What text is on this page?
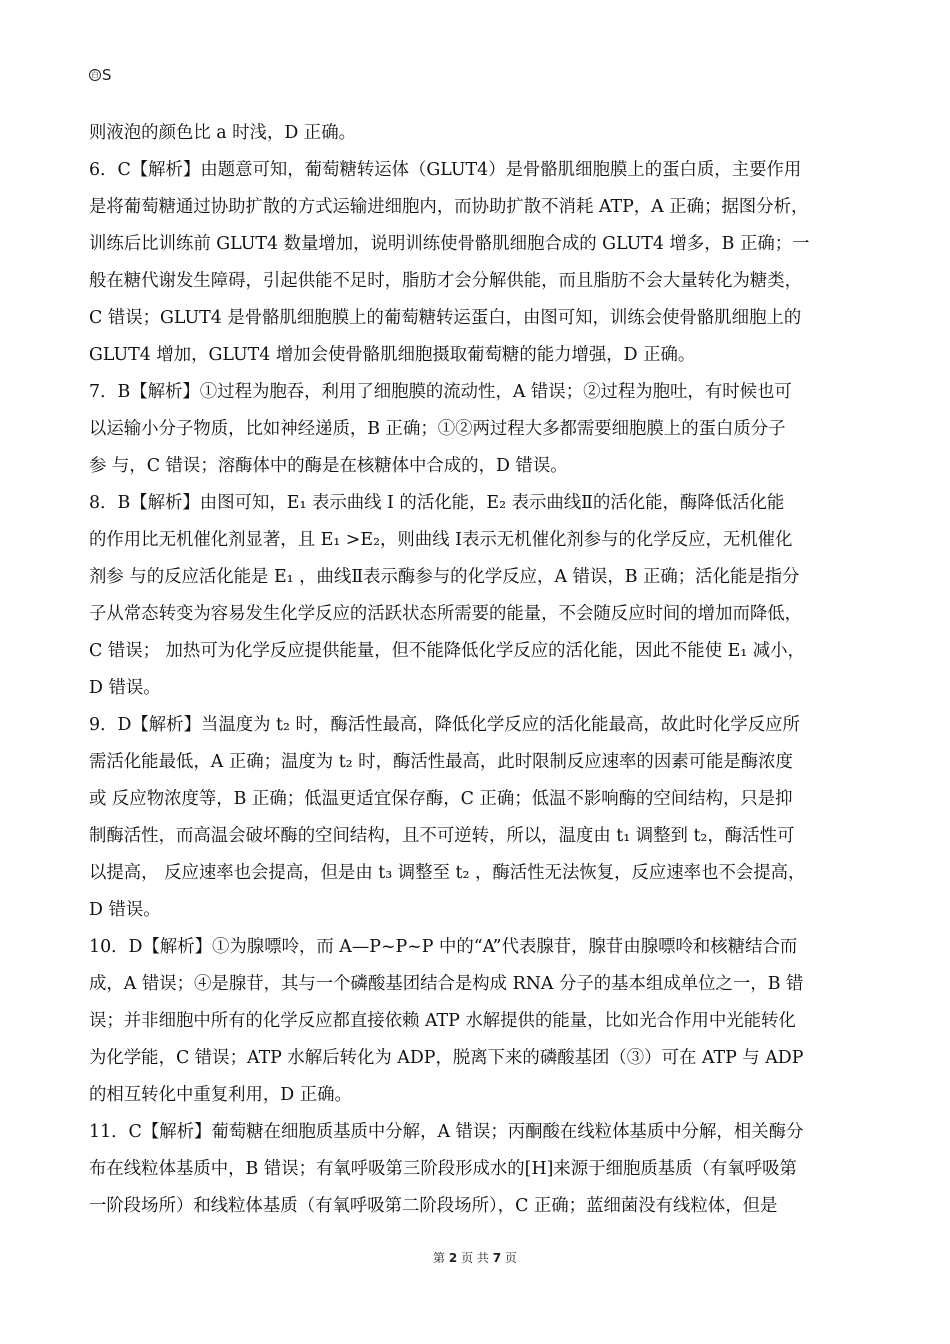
百 S
则液泡的颜色比 a 时浅，D 正确。
6．C【解析】由题意可知，葡萄糖转运体（GLUT4）是骨骼肌细胞膜上的蛋白质，主要作用
是将葡萄糖通过协助扩散的方式运输进细胞内，而协助扩散不消耗 ATP，A 正确；据图分析，
训练后比训练前 GLUT4 数量增加，说明训练使骨骼肌细胞合成的 GLUT4 增多，B 正确；一
般在糖代谢发生障碍，引起供能不足时，脂肪才会分解供能，而且脂肪不会大量转化为糖类，
C 错误；GLUT4 是骨骼肌细胞膜上的葡萄糖转运蛋白，由图可知，训练会使骨骼肌细胞上的
GLUT4 增加，GLUT4 增加会使骨骼肌细胞摄取葡萄糖的能力增强，D 正确。
7．B【解析】①过程为胞吞，利用了细胞膜的流动性，A 错误；②过程为胞吐，有时候也可
以运输小分子物质，比如神经递质，B 正确；①②两过程大多都需要细胞膜上的蛋白质分子
参 与，C 错误；溶酶体中的酶是在核糖体中合成的，D 错误。
8．B【解析】由图可知，E₁ 表示曲线 Ⅰ 的活化能，E₂ 表示曲线Ⅱ的活化能，酶降低活化能
的作用比无机催化剂显著，且 E₁ >E₂，则曲线 Ⅰ表示无机催化剂参与的化学反应，无机催化
剂参 与的反应活化能是 E₁ ，曲线Ⅱ表示酶参与的化学反应，A 错误，B 正确；活化能是指分
子从常态转变为容易发生化学反应的活跃状态所需要的能量，不会随反应时间的增加而降低，
C 错误； 加热可为化学反应提供能量，但不能降低化学反应的活化能，因此不能使 E₁ 减小，
D 错误。
9．D【解析】当温度为 t₂ 时，酶活性最高，降低化学反应的活化能最高，故此时化学反应所
需活化能最低，A 正确；温度为 t₂ 时，酶活性最高，此时限制反应速率的因素可能是酶浓度
或 反应物浓度等，B 正确；低温更适宜保存酶，C 正确；低温不影响酶的空间结构，只是抑
制酶活性，而高温会破坏酶的空间结构，且不可逆转，所以，温度由 t₁ 调整到 t₂，酶活性可
以提高， 反应速率也会提高，但是由 t₃ 调整至 t₂ ，酶活性无法恢复，反应速率也不会提高，
D 错误。
10．D【解析】①为腺嘌呤，而 A—P~P~P 中的“A”代表腺苷，腺苷由腺嘌呤和核糖结合而
成，A 错误；④是腺苷，其与一个磷酸基团结合是构成 RNA 分子的基本组成单位之一，B 错
误；并非细胞中所有的化学反应都直接依赖 ATP 水解提供的能量，比如光合作用中光能转化
为化学能，C 错误；ATP 水解后转化为 ADP，脱离下来的磷酸基团（③）可在 ATP 与 ADP
的相互转化中重复利用，D 正确。
11．C【解析】葡萄糖在细胞质基质中分解，A 错误；丙酮酸在线粒体基质中分解，相关酶分
布在线粒体基质中，B 错误；有氧呼吸第三阶段形成水的[H]来源于细胞质基质（有氧呼吸第
一阶段场所）和线粒体基质（有氧呼吸第二阶段场所），C 正确；蓝细菌没有线粒体，但是
第 2 页 共 7 页
